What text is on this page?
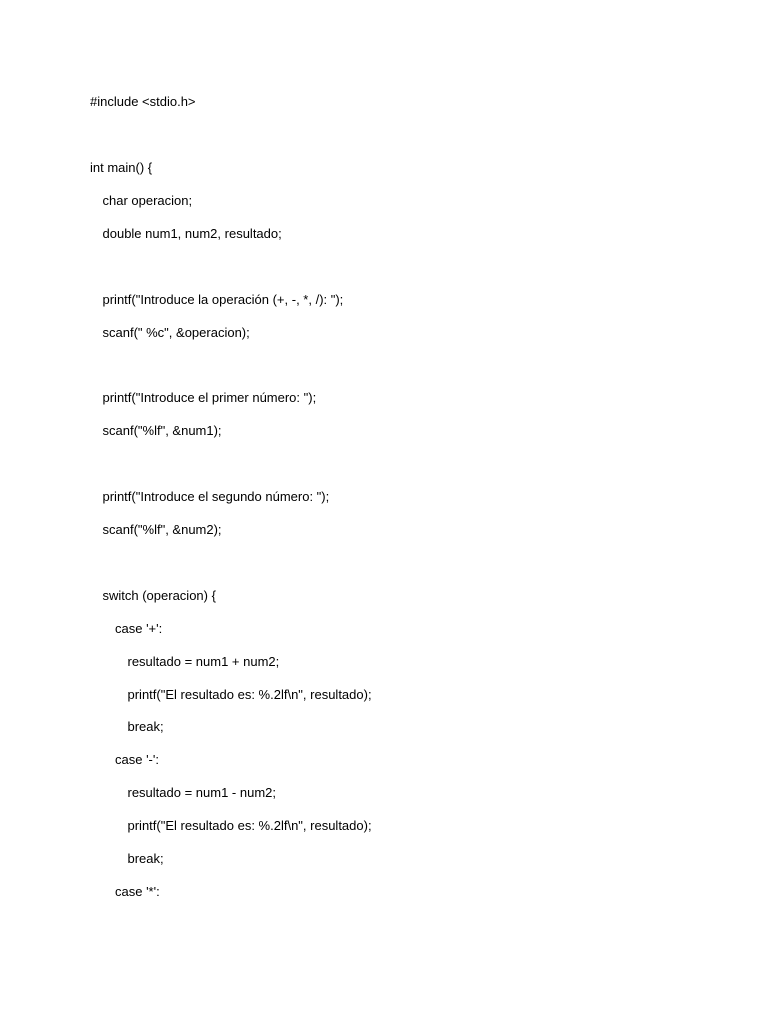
#include <stdio.h>
int main() {
char operacion;
double num1, num2, resultado;
printf("Introduce la operación (+, -, *, /): ");
scanf(" %c", &operacion);
printf("Introduce el primer número: ");
scanf("%lf", &num1);
printf("Introduce el segundo número: ");
scanf("%lf", &num2);
switch (operacion) {
case '+':
resultado = num1 + num2;
printf("El resultado es: %.2lf\n", resultado);
break;
case '-':
resultado = num1 - num2;
printf("El resultado es: %.2lf\n", resultado);
break;
case '*':
